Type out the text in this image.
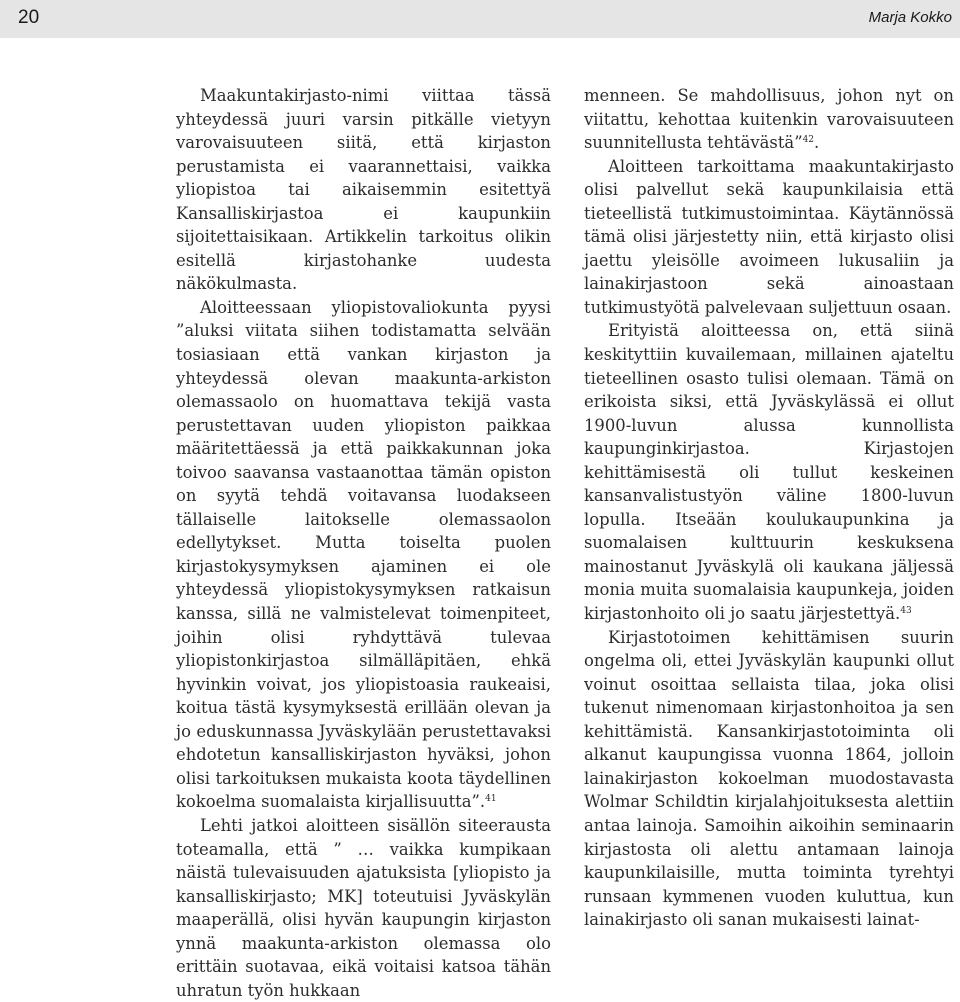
20	Marja Kokko

Maakuntakirjasto-nimi viittaa tässä yhteydessä juuri varsin pitkälle vietyyn varovaisuuteen siitä, että kirjaston perustamista ei vaarannettaisi, vaikka yliopistoa tai aikaisemmin esitettyä Kansalliskirjastoa ei kaupunkiin sijoitettaisikaan. Artikkelin tarkoitus olikin esitellä kirjastohanke uudesta näkökulmasta.

Aloitteessaan yliopistovaliokunta pyysi ”aluksi viitata siihen todistamatta selvään tosiasiaan että vankan kirjaston ja yhteydessä olevan maakunta-arkiston olemassaolo on huomattava tekijä vasta perustettavan uuden yliopiston paikkaa määritettäessä ja että paikkakunnan joka toivoo saavansa vastaanottaa tämän opiston on syytä tehdä voitavansa luodakseen tällaiselle laitokselle olemassaolon edellytykset. Mutta toiselta puolen kirjastokysymyksen ajaminen ei ole yhteydessä yliopistokysymyksen ratkaisun kanssa, sillä ne valmistelevat toimenpiteet, joihin olisi ryhdyttävä tulevaa yliopistonkirjastoa silmälläpitäen, ehkä hyvinkin voivat, jos yliopistoasia raukeaisi, koitua tästä kysymyksestä erillään olevan ja jo eduskunnassa Jyväskylään perustettavaksi ehdotetun kansalliskirjaston hyväksi, johon olisi tarkoituksen mukaista koota täydellinen kokoelma suomalaista kirjallisuutta”.$^{41}$

Lehti jatkoi aloitteen sisällön siteerausta toteamalla, että ” … vaikka kumpikaan näistä tulevaisuuden ajatuksista [yliopisto ja kansalliskirjasto; MK] toteutuisi Jyväskylän maaperällä, olisi hyvän kaupungin kirjaston ynnä maakunta-arkiston olemassa olo erittäin suotavaa, eikä voitaisi katsoa tähän uhratun työn hukkaan

menneen. Se mahdollisuus, johon nyt on viitattu, kehottaa kuitenkin varovaisuuteen suunnitellusta tehtävästä”$^{42}$.

Aloitteen tarkoittama maakuntakirjasto olisi palvellut sekä kaupunkilaisia että tieteellistä tutkimustoimintaa. Käytännössä tämä olisi järjestetty niin, että kirjasto olisi jaettu yleisölle avoimeen lukusaliin ja lainakirjastoon sekä ainoastaan tutkimustyötä palvelevaan suljettuun osaan.

Erityistä aloitteessa on, että siinä keskityttiin kuvailemaan, millainen ajateltu tieteellinen osasto tulisi olemaan. Tämä on erikoista siksi, että Jyväskylässä ei ollut 1900-luvun alussa kunnollista kaupunginkirjastoa. Kirjastojen kehittämisestä oli tullut keskeinen kansanvalistustyön väline 1800-luvun lopulla. Itseään koulukaupunkina ja suomalaisen kulttuurin keskuksena mainostanut Jyväskylä oli kaukana jäljessä monia muita suomalaisia kaupunkeja, joiden kirjastonhoito oli jo saatu järjestettyä.$^{43}$

Kirjastotoimen kehittämisen suurin ongelma oli, ettei Jyväskylän kaupunki ollut voinut osoittaa sellaista tilaa, joka olisi tukenut nimenomaan kirjastonhoitoa ja sen kehittämistä. Kansankirjastotoiminta oli alkanut kaupungissa vuonna 1864, jolloin lainakirjaston kokoelman muodostavasta Wolmar Schildtin kirjalahjoituksesta alettiin antaa lainoja. Samoihin aikoihin seminaarin kirjastosta oli alettu antamaan lainoja kaupunkilaisille, mutta toiminta tyrehtyi runsaan kymmenen vuoden kuluttua, kun lainakirjasto oli sanan mukaisesti lainat-
